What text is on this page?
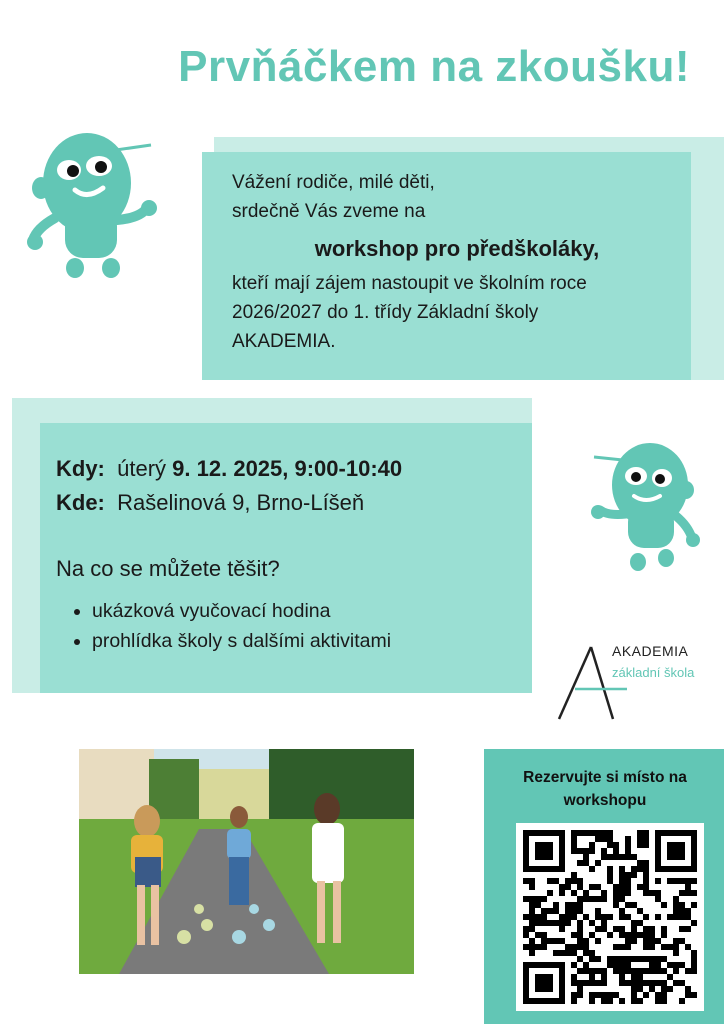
Prvňáčkem na zkoušku!
Vážení rodiče, milé děti,
srdečně Vás zveme na
workshop pro předškoláky,
kteří mají zájem nastoupit ve školním roce
2026/2027 do 1. třídy Základní školy
AKADEMIA.
Kdy: úterý 9. 12. 2025, 9:00-10:40
Kde: Rašelinová 9, Brno-Líšeň
Na co se můžete těšit?
• ukázková vyučovací hodina
• prohlídka školy s dalšími aktivitami	AKADEMIA
základní škola
Rezervujte si místo na workshopu
